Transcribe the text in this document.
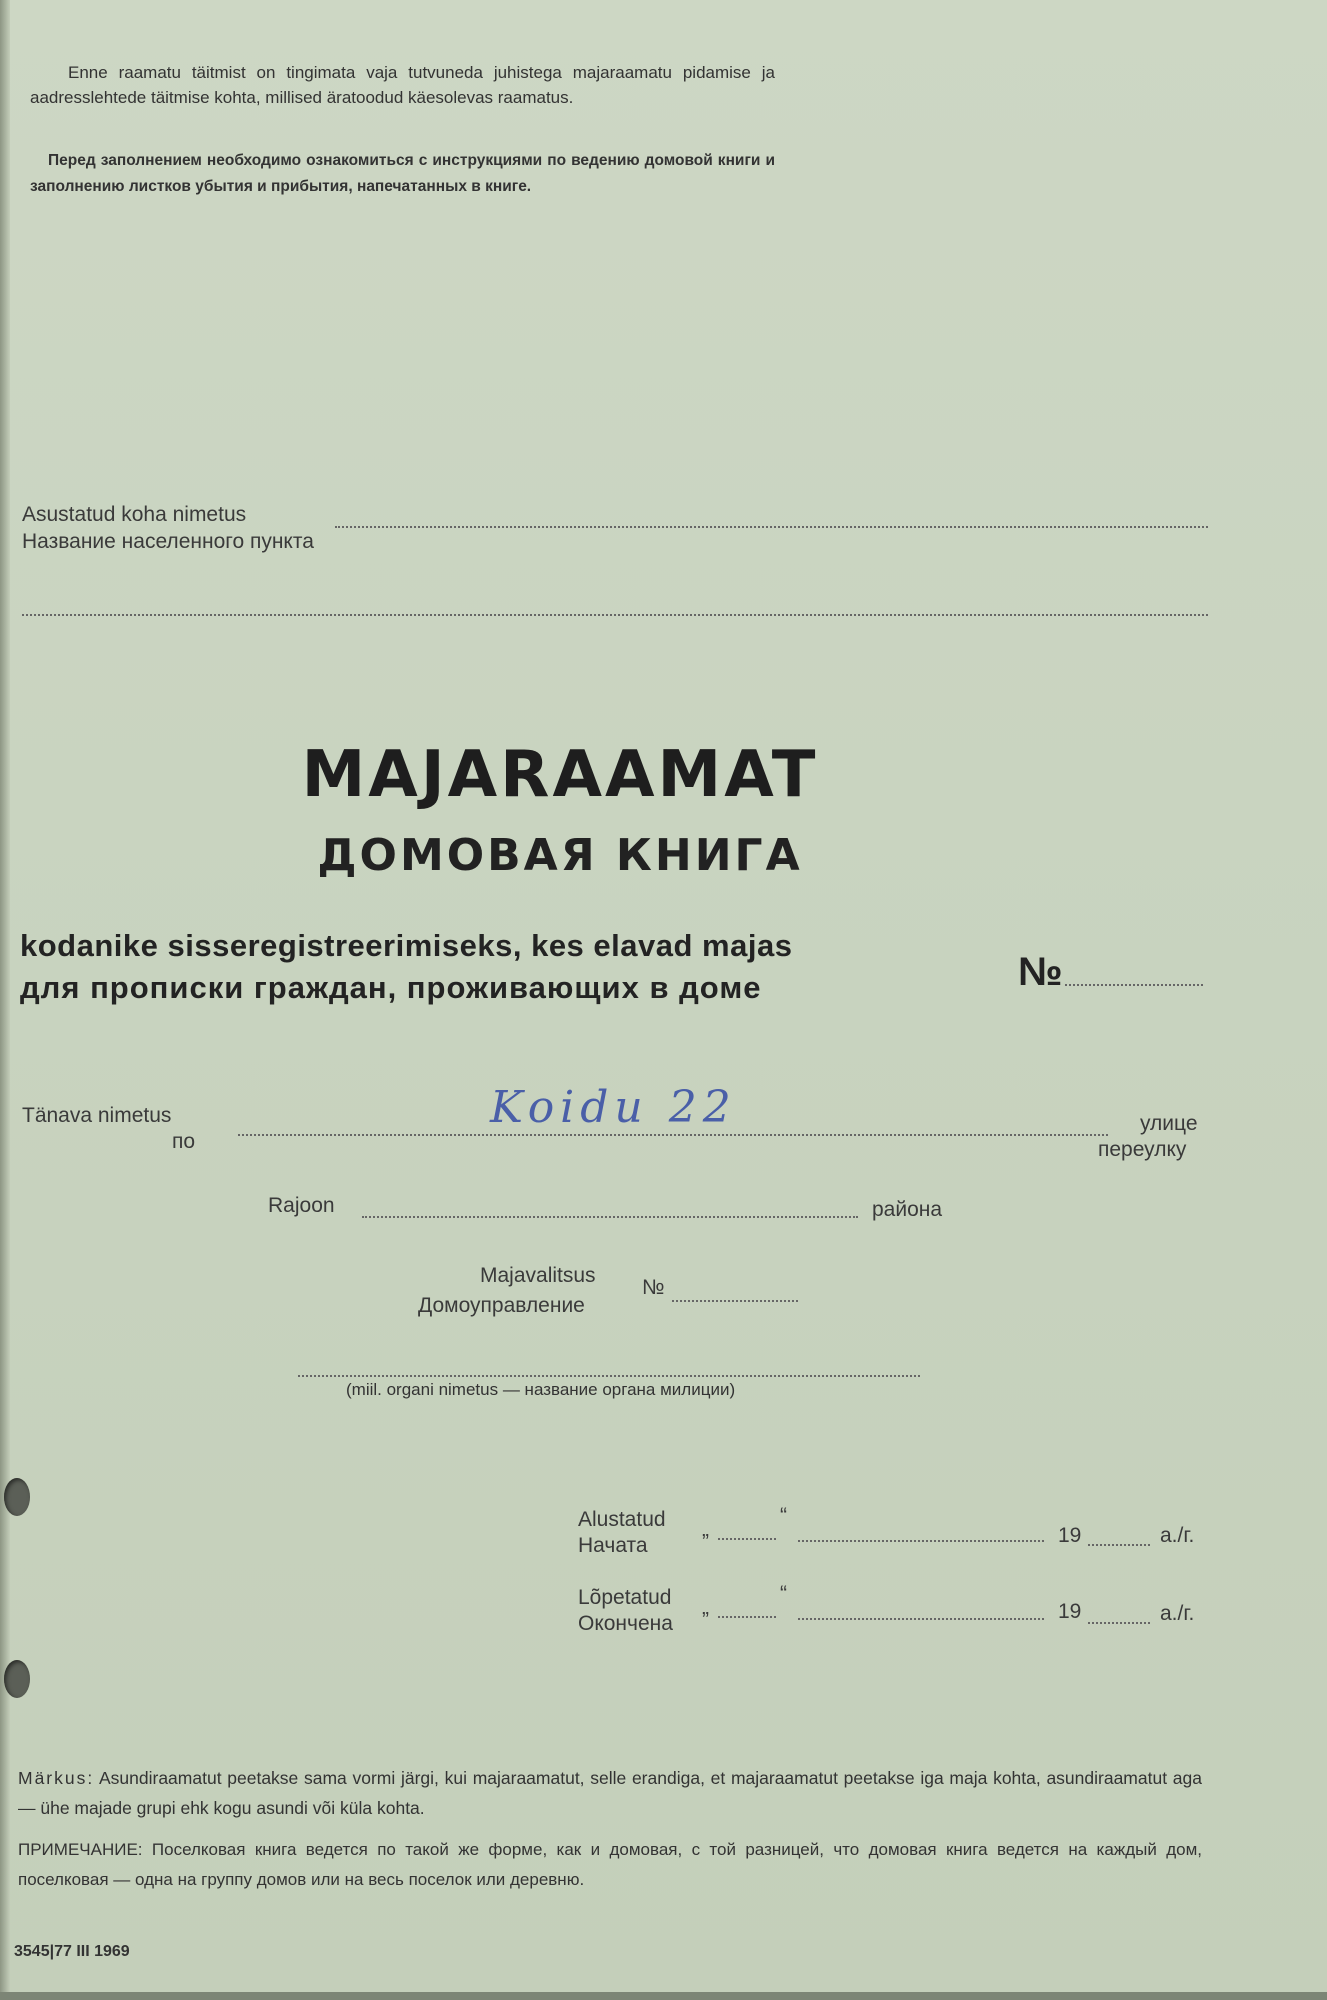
Enne raamatu täitmist on tingimata vaja tutvuneda juhistega majaraamatu pidamise ja aadresslehtede täitmise kohta, millised äratoodud käesolevas raamatus.
Перед заполнением необходимо ознакомиться с инструкциями по ведению домовой книги и заполнению листков убытия и прибытия, напечатанных в книге.
Asustatud koha nimetus
Название населенного пункта
MAJARAAMAT
ДОМОВАЯ КНИГА
kodanike sisseregistreerimiseks, kes elavad majas
для прописки граждан, проживающих в доме	№
Tänava nimetus
по
Koidu 22	улице
переулку
Rajoon	района
Majavalitsus
Домоуправление
№
(miil. organi nimetus — название органа милиции)
Alustatud
Начата
„
“
19	a./г.
Lõpetatud
Окончена
„
“
19	a./г.
Märkus: Asundiraamatut peetakse sama vormi järgi, kui majaraamatut, selle erandiga, et majaraamatut peetakse iga maja kohta, asundiraamatut aga — ühe majade grupi ehk kogu asundi või küla kohta.
ПРИМЕЧАНИЕ: Поселковая книга ведется по такой же форме, как и домовая, с той разницей, что домовая книга ведется на каждый дом, поселковая — одна на группу домов или на весь поселок или деревню.
3545|77 III 1969
